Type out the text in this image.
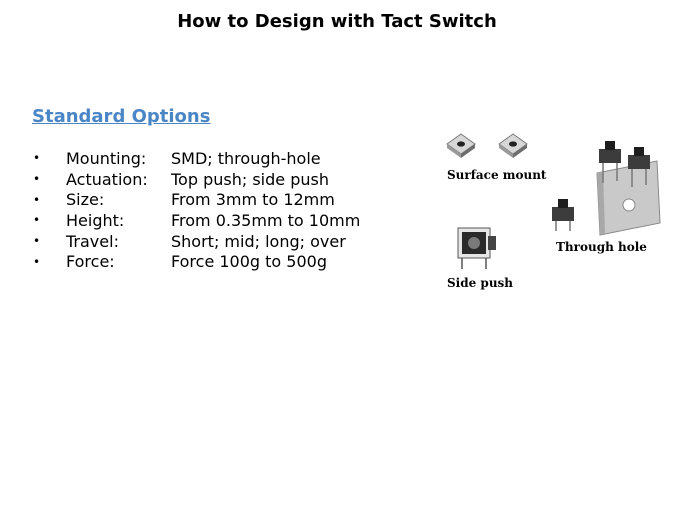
How to Design with Tact Switch
Standard Options
•	Mounting:	SMD; through-hole
•	Actuation:	Top push; side push
•	Size:	From 3mm to 12mm
•	Height:	From 0.35mm to 10mm
•	Travel:	Short; mid; long; over
•	Force:	Force 100g to 500g
Surface mount
Through hole
Side push
